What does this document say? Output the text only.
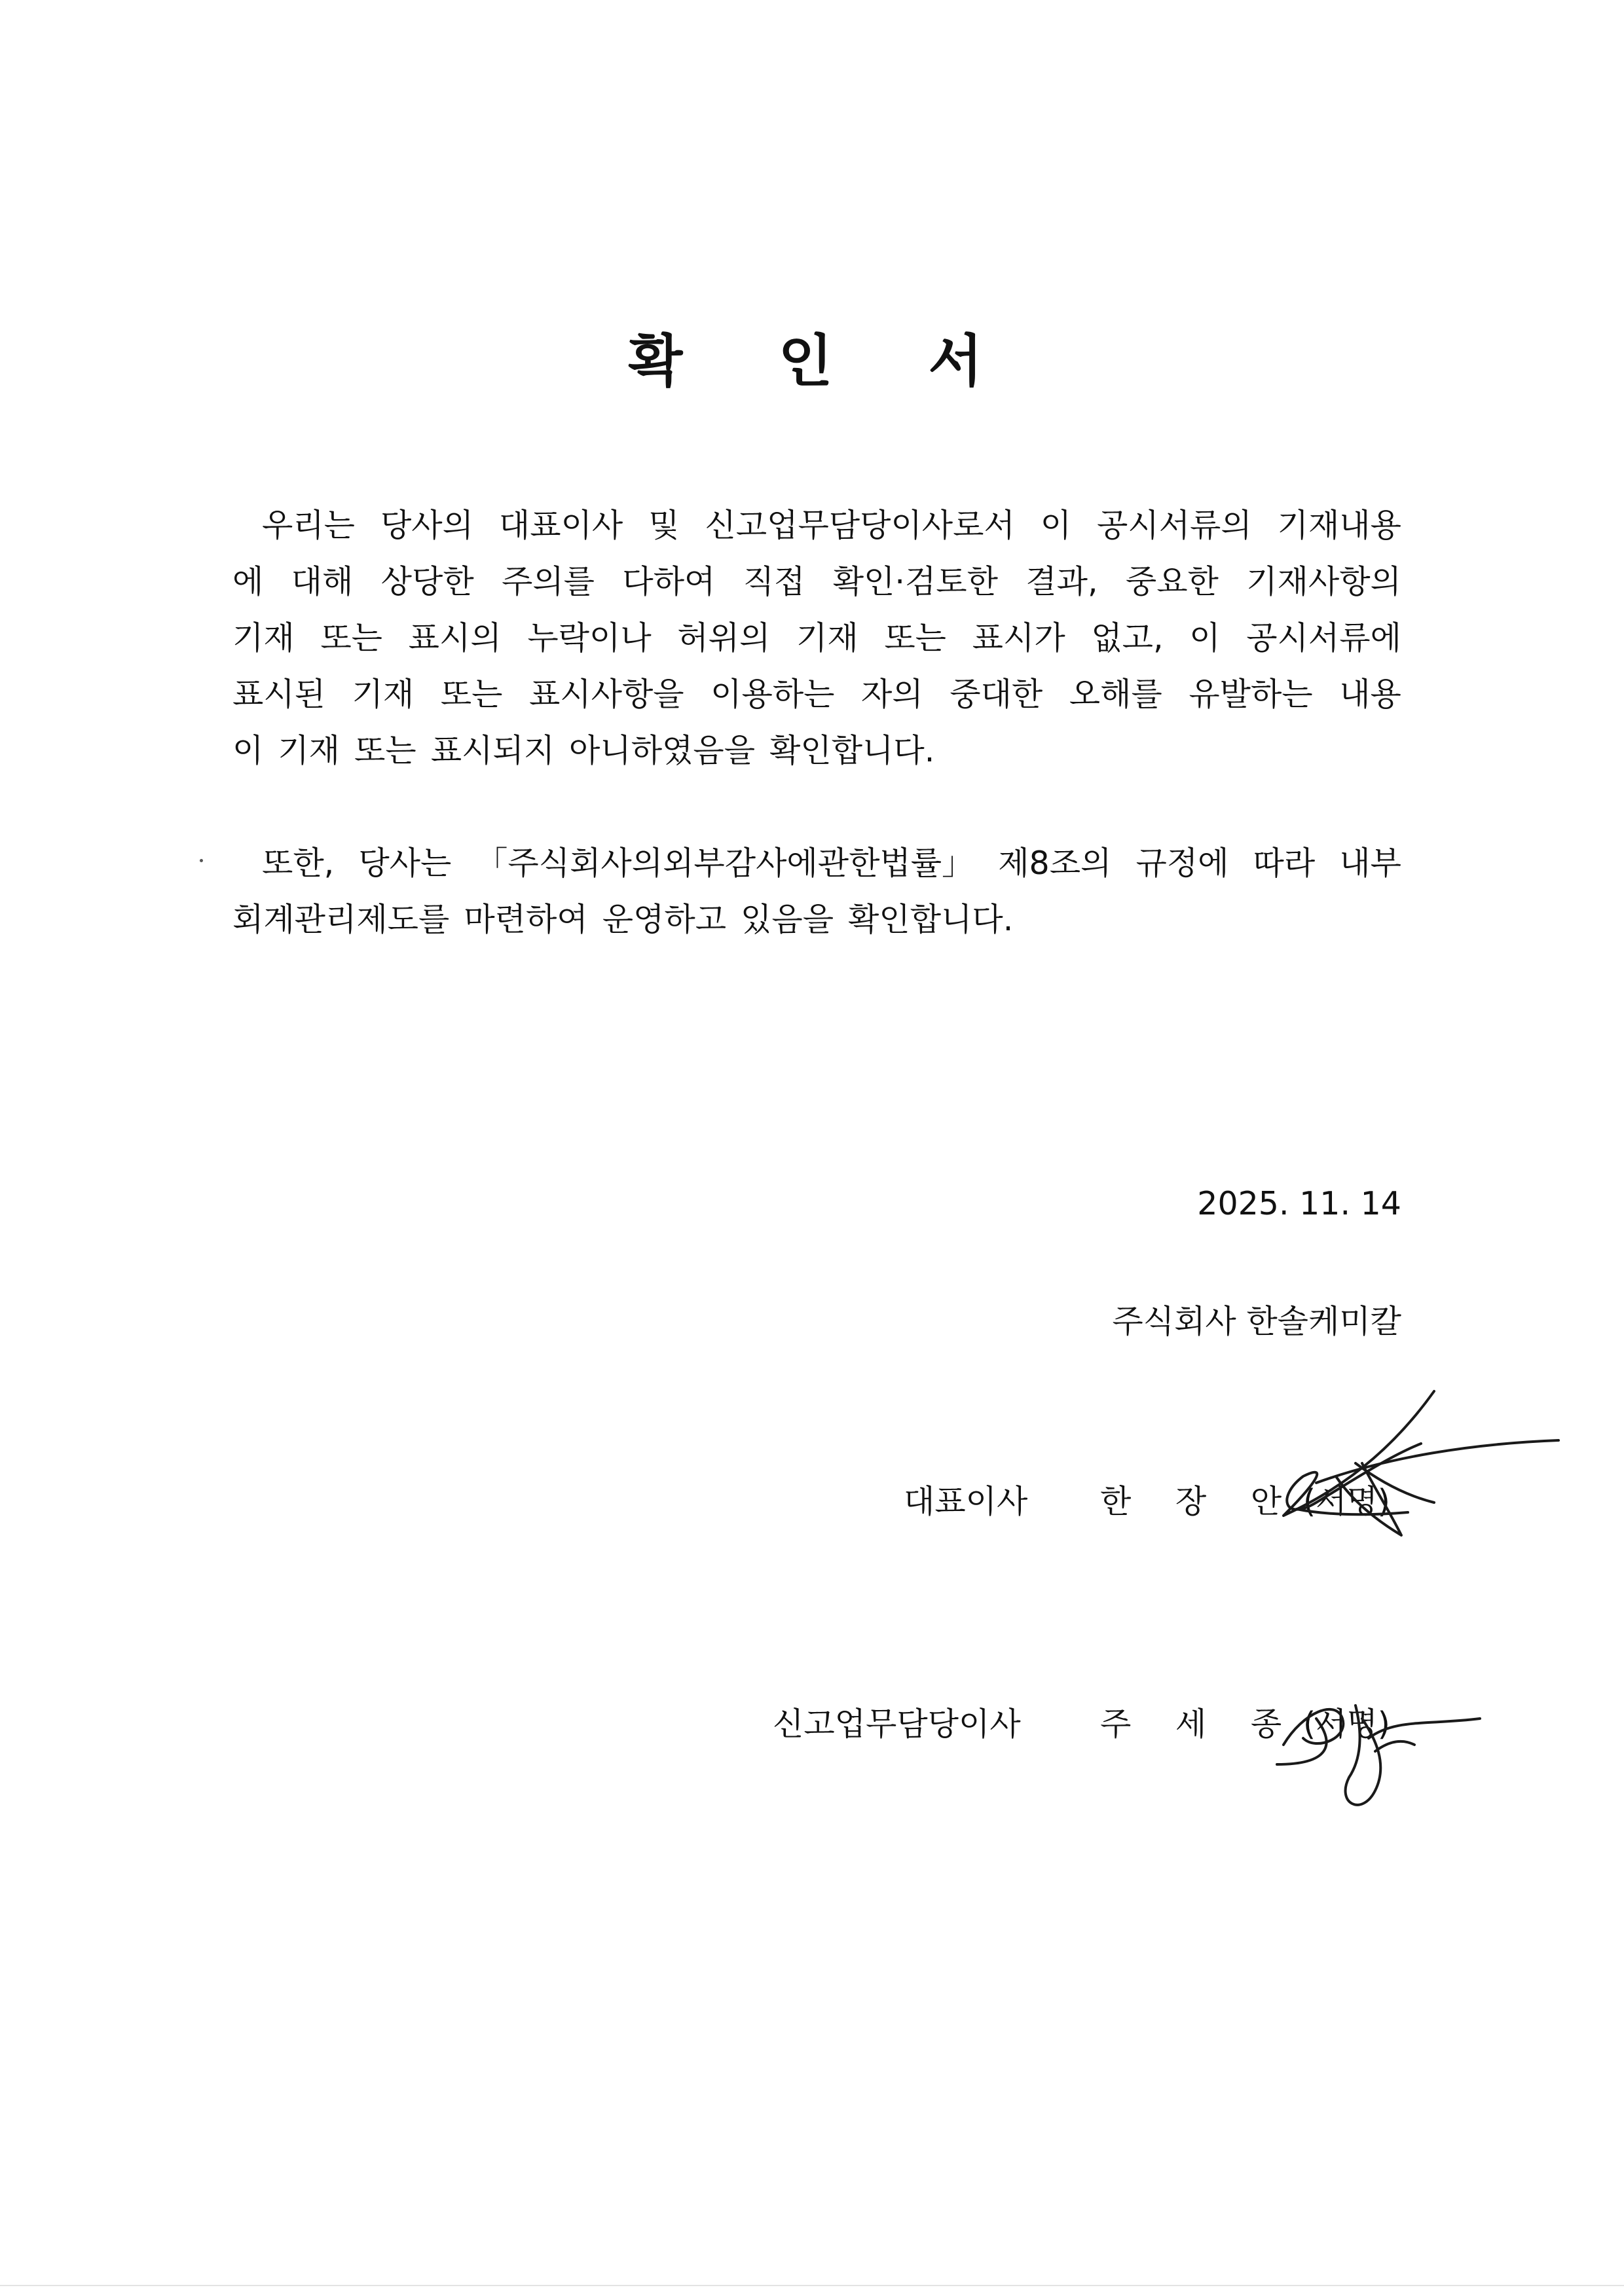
확 인 서
우리는 당사의 대표이사 및 신고업무담당이사로서 이 공시서류의 기재내용
에 대해 상당한 주의를 다하여 직접 확인·검토한 결과, 중요한 기재사항의
기재 또는 표시의 누락이나 허위의 기재 또는 표시가 없고, 이 공시서류에
표시된 기재 또는 표시사항을 이용하는 자의 중대한 오해를 유발하는 내용
이 기재 또는 표시되지 아니하였음을 확인합니다.
또한, 당사는 「주식회사의외부감사에관한법률」 제8조의 규정에 따라 내부
회계관리제도를 마련하여 운영하고 있음을 확인합니다.
2025. 11. 14
주식회사 한솔케미칼
대표이사 한 장 안 (서명)
신고업무담당이사 주 세 종 (서명)
